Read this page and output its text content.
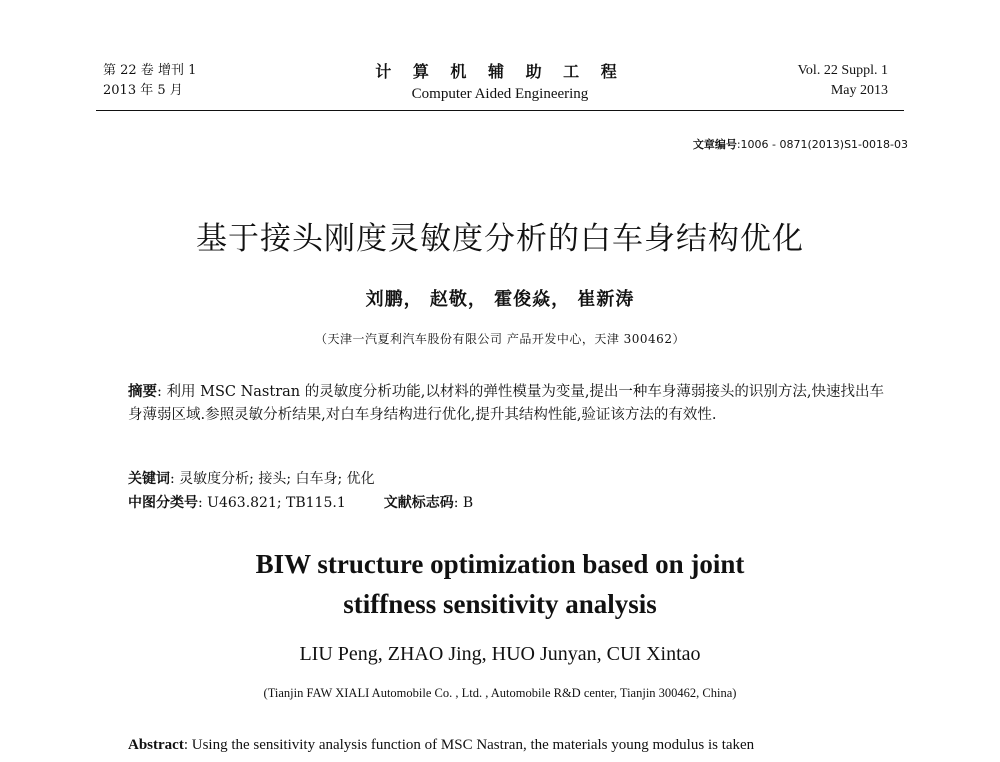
第 22 卷 增刊 1
2013 年 5 月
计 算 机 辅 助 工 程
Computer Aided Engineering
Vol. 22 Suppl. 1
May 2013
文章编号:1006 - 0871(2013)S1-0018-03
基于接头刚度灵敏度分析的白车身结构优化
刘鹏， 赵敬， 霍俊焱， 崔新涛
（天津一汽夏利汽车股份有限公司 产品开发中心，天津 300462）
摘要: 利用 MSC Nastran 的灵敏度分析功能,以材料的弹性模量为变量,提出一种车身薄弱接头的识别方法,快速找出车身薄弱区域.参照灵敏分析结果,对白车身结构进行优化,提升其结构性能,验证该方法的有效性.
关键词: 灵敏度分析; 接头; 白车身; 优化
中图分类号: U463.821; TB115.1	文献标志码: B
BIW structure optimization based on joint
stiffness sensitivity analysis
LIU Peng, ZHAO Jing, HUO Junyan, CUI Xintao
(Tianjin FAW XIALI Automobile Co. , Ltd. , Automobile R&D center, Tianjin 300462, China)
Abstract: Using the sensitivity analysis function of MSC Nastran, the materials young modulus is taken
